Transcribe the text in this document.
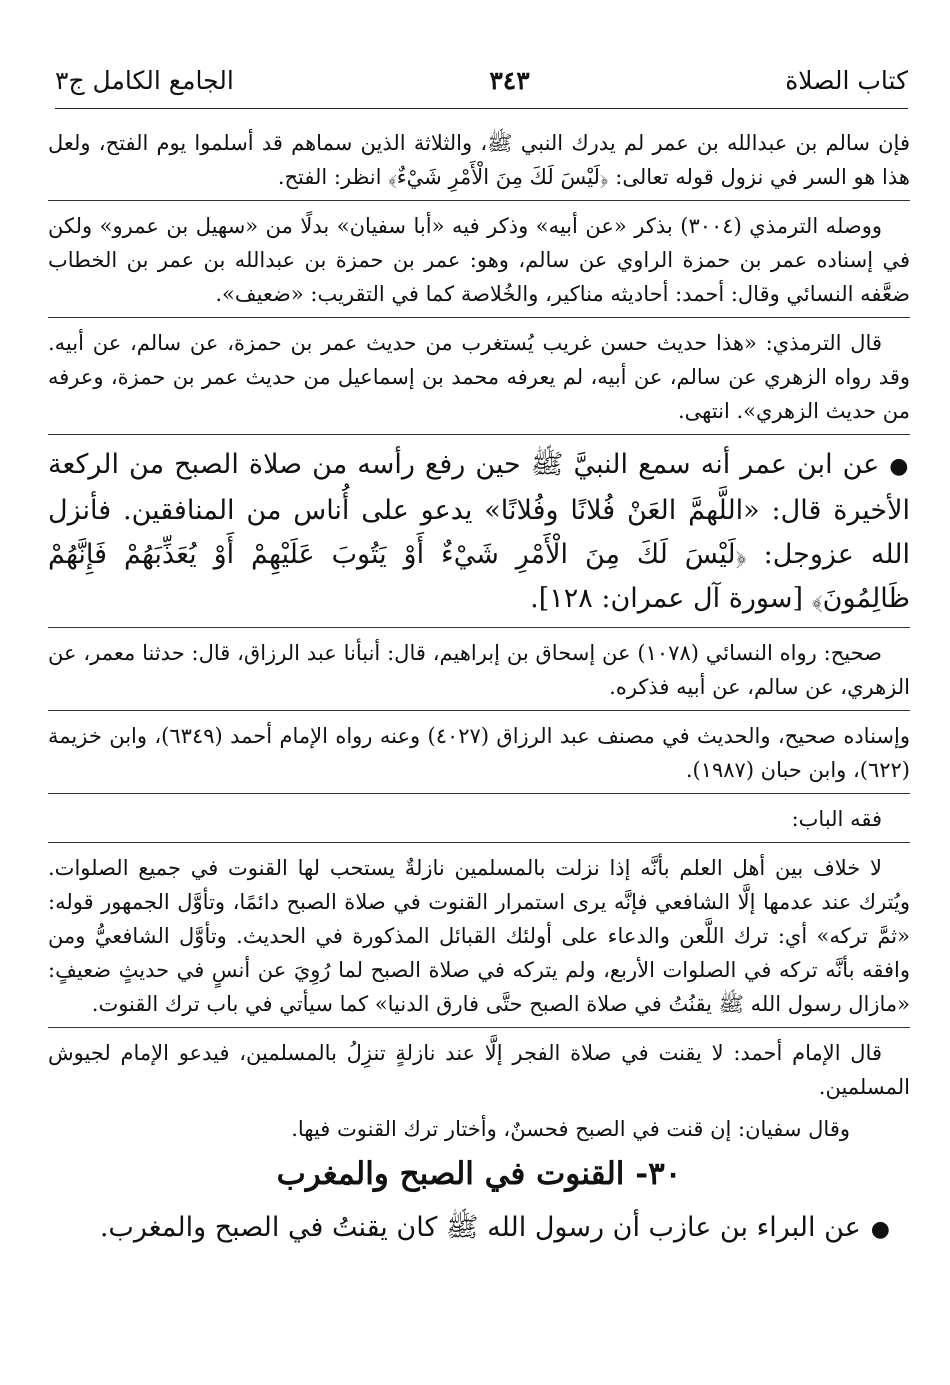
كتاب الصلاة
٣٤٣
الجامع الكامل ج٣

فإن سالم بن عبدالله بن عمر لم يدرك النبي ﷺ، والثلاثة الذين سماهم قد أسلموا يوم الفتح، ولعل هذا هو السر في نزول قوله تعالى: ﴿لَيْسَ لَكَ مِنَ الْأَمْرِ شَيْءٌ﴾ انظر: الفتح.

ووصله الترمذي (٣٠٠٤) بذكر «عن أبيه» وذكر فيه «أبا سفيان» بدلًا من «سهيل بن عمرو» ولكن في إسناده عمر بن حمزة الراوي عن سالم، وهو: عمر بن حمزة بن عبدالله بن عمر بن الخطاب ضعَّفه النسائي وقال: أحمد: أحاديثه مناكير، والخُلاصة كما في التقريب: «ضعيف».

قال الترمذي: «هذا حديث حسن غريب يُستغرب من حديث عمر بن حمزة، عن سالم، عن أبيه. وقد رواه الزهري عن سالم، عن أبيه، لم يعرفه محمد بن إسماعيل من حديث عمر بن حمزة، وعرفه من حديث الزهري». انتهى.

●عن ابن عمر أنه سمع النبيَّ ﷺ حين رفع رأسه من صلاة الصبح من الركعة الأخيرة قال: «اللَّهمَّ العَنْ فُلانًا وفُلانًا» يدعو على أُناس من المنافقين. فأنزل الله عزوجل: ﴿لَيْسَ لَكَ مِنَ الْأَمْرِ شَيْءٌ أَوْ يَتُوبَ عَلَيْهِمْ أَوْ يُعَذِّبَهُمْ فَإِنَّهُمْ ظَالِمُونَ﴾ [سورة آل عمران: ١٢٨].

صحيح: رواه النسائي (١٠٧٨) عن إسحاق بن إبراهيم، قال: أنبأنا عبد الرزاق، قال: حدثنا معمر، عن الزهري، عن سالم، عن أبيه فذكره.

وإسناده صحيح، والحديث في مصنف عبد الرزاق (٤٠٢٧) وعنه رواه الإمام أحمد (٦٣٤٩)، وابن خزيمة (٦٢٢)، وابن حبان (١٩٨٧).

فقه الباب:

لا خلاف بين أهل العلم بأنَّه إذا نزلت بالمسلمين نازلةٌ يستحب لها القنوت في جميع الصلوات. ويُترك عند عدمها إلَّا الشافعي فإنَّه يرى استمرار القنوت في صلاة الصبح دائمًا، وتأوَّل الجمهور قوله: «ثمَّ تركه» أي: ترك اللَّعن والدعاء على أولئك القبائل المذكورة في الحديث. وتأوَّل الشافعيُّ ومن وافقه بأنَّه تركه في الصلوات الأربع، ولم يتركه في صلاة الصبح لما رُوِيَ عن أنسٍ في حديثٍ ضعيفٍ: «مازال رسول الله ﷺ يقنُتُ في صلاة الصبح حتَّى فارق الدنيا» كما سيأتي في باب ترك القنوت.

قال الإمام أحمد: لا يقنت في صلاة الفجر إلَّا عند نازلةٍ تنزِلُ بالمسلمين، فيدعو الإمام لجيوش المسلمين.

وقال سفيان: إن قنت في الصبح فحسنٌ، وأختار ترك القنوت فيها.

٣٠- القنوت في الصبح والمغرب

●عن البراء بن عازب أن رسول الله ﷺ كان يقنتُ في الصبح والمغرب.
